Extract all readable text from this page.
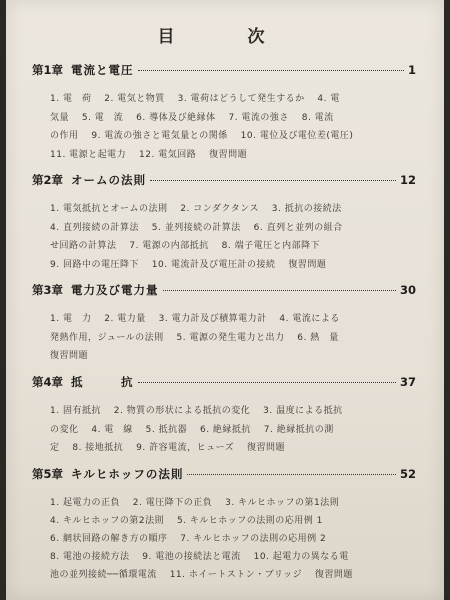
目　次
第1章 電流と電圧	1
1. 電　荷　 2. 電気と物質　 3. 電荷はどうして発生するか　 4. 電
気量　 5. 電　流　 6. 導体及び絶縁体　 7. 電流の強さ　 8. 電流
の作用　 9. 電流の強さと電気量との関係　 10. 電位及び電位差(電圧)
11. 電源と起電力　 12. 電気回路　 復習問題
第2章 オームの法則	12
1. 電気抵抗とオームの法則　 2. コンダクタンス　 3. 抵抗の接続法
4. 直列接続の計算法　 5. 並列接続の計算法　 6. 直列と並列の組合
せ回路の計算法　 7. 電源の内部抵抗　 8. 端子電圧と内部降下
9. 回路中の電圧降下　 10. 電流計及び電圧計の接続　 復習問題
第3章 電力及び電力量	30
1. 電　力　 2. 電力量　 3. 電力計及び積算電力計　 4. 電流による
発熱作用，ジュールの法則　 5. 電源の発生電力と出力　 6. 熱　量
復習問題
第4章 抵　　　抗	37
1. 固有抵抗　 2. 物質の形状による抵抗の変化　 3. 温度による抵抗
の変化　 4. 電　線　 5. 抵抗器　 6. 絶縁抵抗　 7. 絶縁抵抗の測
定　 8. 接地抵抗　 9. 許容電流，ヒューズ　 復習問題
第5章 キルヒホッフの法則	52
1. 起電力の正負　 2. 電圧降下の正負　 3. キルヒホッフの第1法則
4. キルヒホッフの第2法則　 5. キルヒホッフの法則の応用例 1
6. 網状回路の解き方の順序　 7. キルヒホッフの法則の応用例 2
8. 電池の接続方法　 9. 電池の接続法と電流　 10. 起電力の異なる電
池の並列接続──循環電流　 11. ホイートストン・ブリッジ　 復習問題
